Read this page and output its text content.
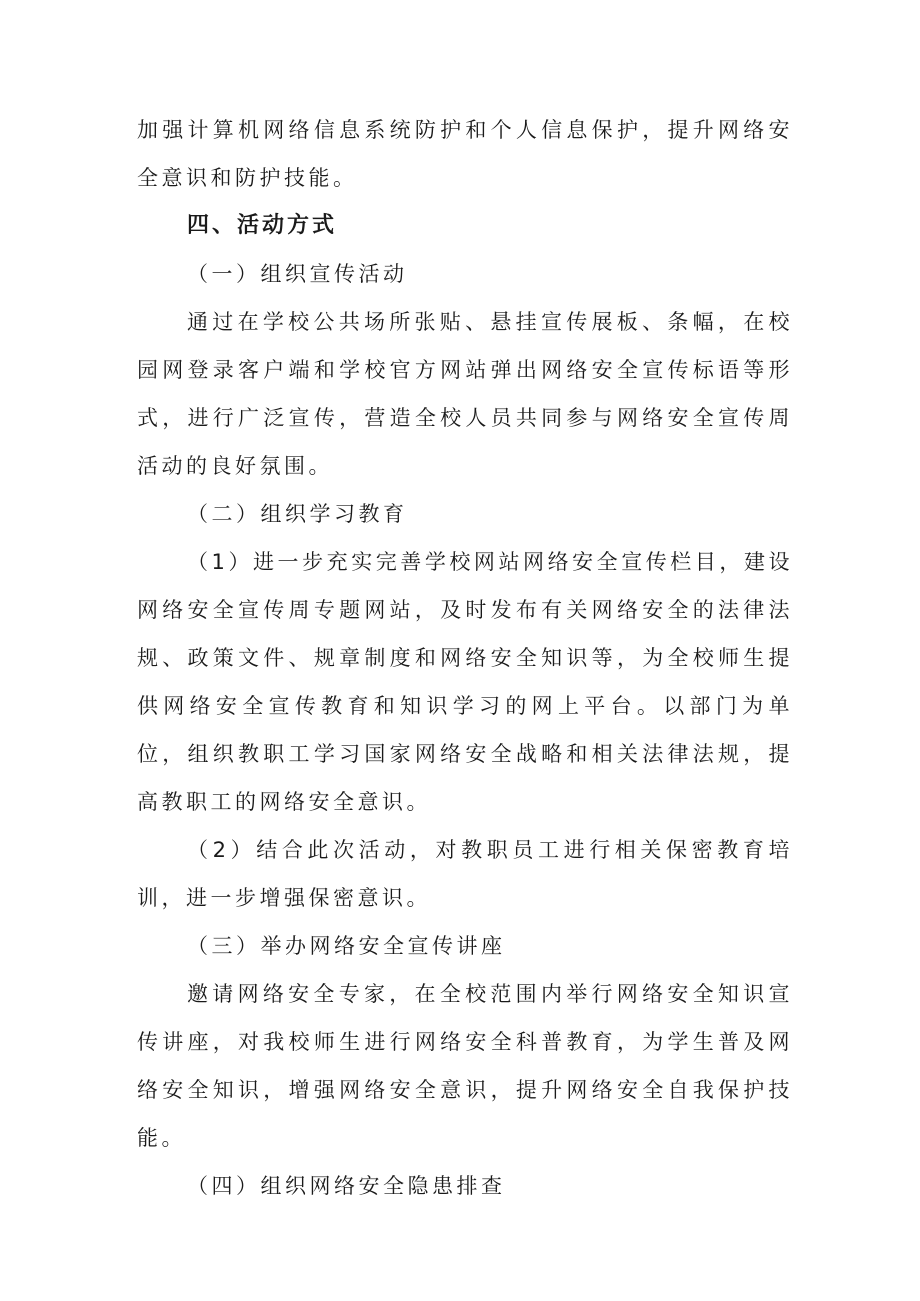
加强计算机网络信息系统防护和个人信息保护，提升网络安全意识和防护技能。

四、活动方式

（一）组织宣传活动

通过在学校公共场所张贴、悬挂宣传展板、条幅，在校园网登录客户端和学校官方网站弹出网络安全宣传标语等形式，进行广泛宣传，营造全校人员共同参与网络安全宣传周活动的良好氛围。

（二）组织学习教育

（1）进一步充实完善学校网站网络安全宣传栏目，建设网络安全宣传周专题网站，及时发布有关网络安全的法律法规、政策文件、规章制度和网络安全知识等，为全校师生提供网络安全宣传教育和知识学习的网上平台。以部门为单位，组织教职工学习国家网络安全战略和相关法律法规，提高教职工的网络安全意识。

（2）结合此次活动，对教职员工进行相关保密教育培训，进一步增强保密意识。

（三）举办网络安全宣传讲座

邀请网络安全专家，在全校范围内举行网络安全知识宣传讲座，对我校师生进行网络安全科普教育，为学生普及网络安全知识，增强网络安全意识，提升网络安全自我保护技能。

（四）组织网络安全隐患排查
